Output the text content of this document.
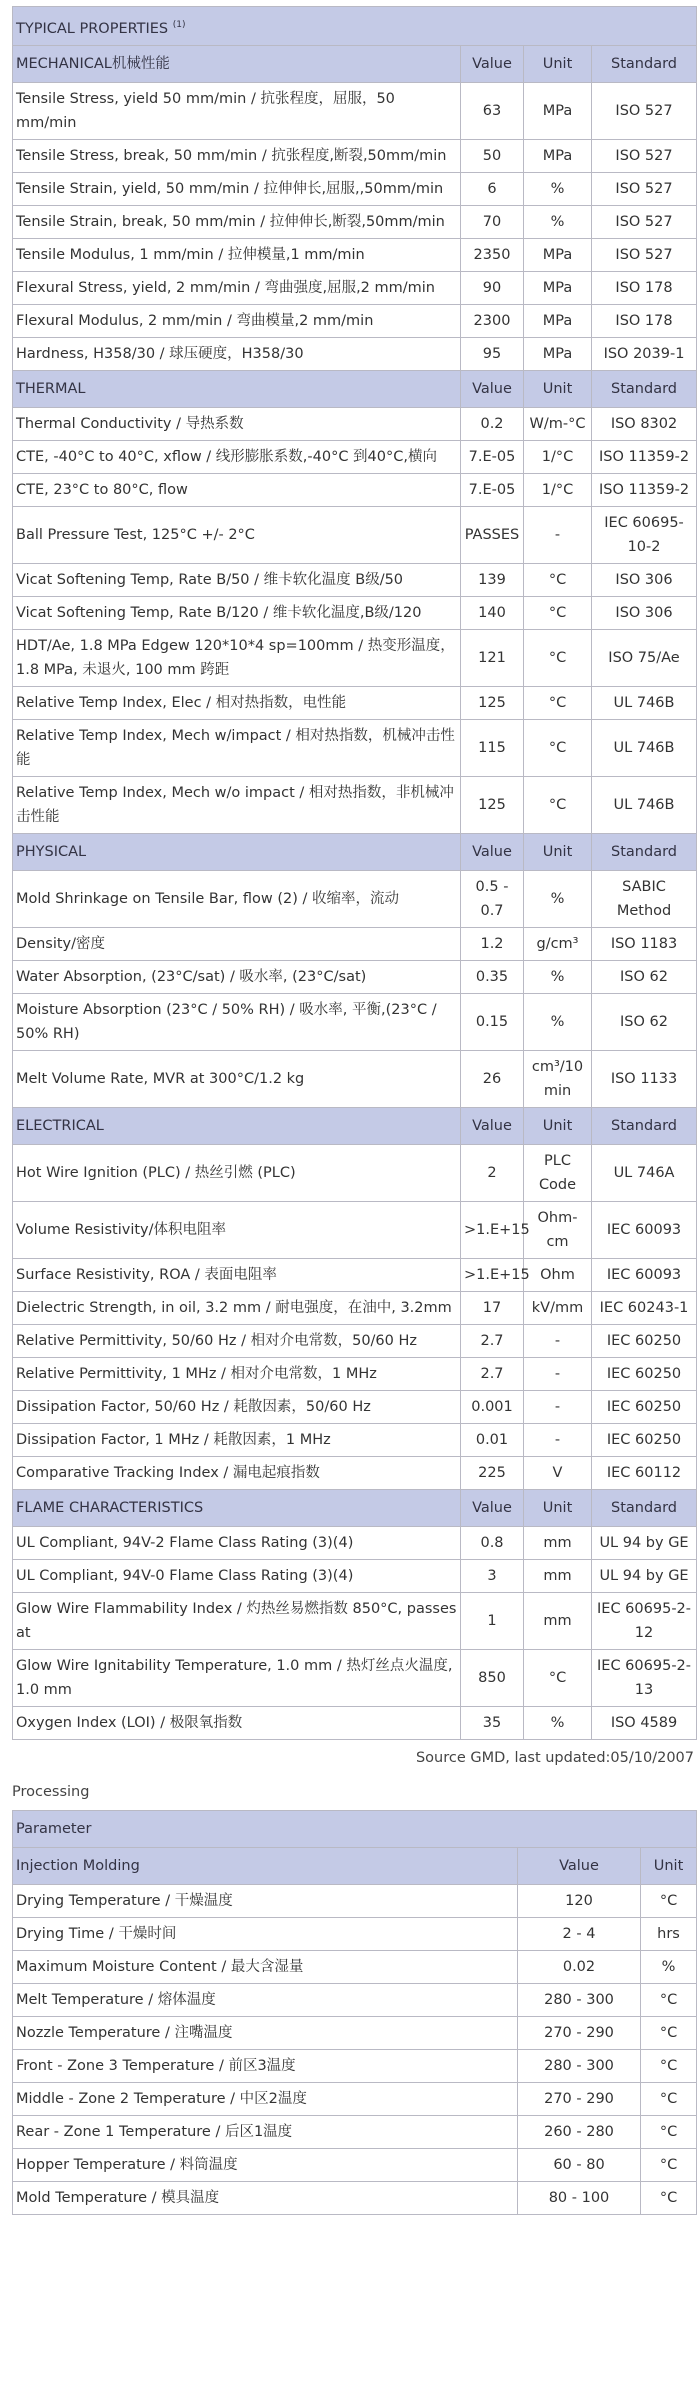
TYPICAL PROPERTIES $^{(1)}$
MECHANICAL机械性能	Value	Unit	Standard
Tensile Stress, yield 50 mm/min / 抗张程度，屈服，50 mm/min	63	MPa	ISO 527
Tensile Stress, break, 50 mm/min / 抗张程度,断裂,50mm/min	50	MPa	ISO 527
Tensile Strain, yield, 50 mm/min / 拉伸伸长,屈服,,50mm/min	6	%	ISO 527
Tensile Strain, break, 50 mm/min / 拉伸伸长,断裂,50mm/min	70	%	ISO 527
Tensile Modulus, 1 mm/min / 拉伸模量,1 mm/min	2350	MPa	ISO 527
Flexural Stress, yield, 2 mm/min / 弯曲强度,屈服,2 mm/min	90	MPa	ISO 178
Flexural Modulus, 2 mm/min / 弯曲模量,2 mm/min	2300	MPa	ISO 178
Hardness, H358/30 / 球压硬度，H358/30	95	MPa	ISO 2039-1
THERMAL	Value	Unit	Standard
Thermal Conductivity / 导热系数	0.2	W/m-°C	ISO 8302
CTE, -40°C to 40°C, xflow / 线形膨胀系数,-40°C 到40°C,横向	7.E-05	1/°C	ISO 11359-2
CTE, 23°C to 80°C, flow	7.E-05	1/°C	ISO 11359-2
Ball Pressure Test, 125°C +/- 2°C	PASSES	-	IEC 60695-10-2
Vicat Softening Temp, Rate B/50 / 维卡软化温度 B级/50	139	°C	ISO 306
Vicat Softening Temp, Rate B/120 / 维卡软化温度,B级/120	140	°C	ISO 306
HDT/Ae, 1.8 MPa Edgew 120*10*4 sp=100mm / 热变形温度，1.8 MPa, 未退火, 100 mm 跨距	121	°C	ISO 75/Ae
Relative Temp Index, Elec / 相对热指数，电性能	125	°C	UL 746B
Relative Temp Index, Mech w/impact / 相对热指数，机械冲击性能	115	°C	UL 746B
Relative Temp Index, Mech w/o impact / 相对热指数，非机械冲击性能	125	°C	UL 746B
PHYSICAL	Value	Unit	Standard
Mold Shrinkage on Tensile Bar, flow (2) / 收缩率，流动	0.5 - 0.7	%	SABIC Method
Density/密度	1.2	g/cm³	ISO 1183
Water Absorption, (23°C/sat) / 吸水率, (23°C/sat)	0.35	%	ISO 62
Moisture Absorption (23°C / 50% RH) / 吸水率, 平衡,(23°C / 50% RH)	0.15	%	ISO 62
Melt Volume Rate, MVR at 300°C/1.2 kg	26	cm³/10 min	ISO 1133
ELECTRICAL	Value	Unit	Standard
Hot Wire Ignition (PLC) / 热丝引燃 (PLC)	2	PLC Code	UL 746A
Volume Resistivity/体积电阻率	>1.E+15	Ohm-cm	IEC 60093
Surface Resistivity, ROA / 表面电阻率	>1.E+15	Ohm	IEC 60093
Dielectric Strength, in oil, 3.2 mm / 耐电强度，在油中, 3.2mm	17	kV/mm	IEC 60243-1
Relative Permittivity, 50/60 Hz / 相对介电常数，50/60 Hz	2.7	-	IEC 60250
Relative Permittivity, 1 MHz / 相对介电常数，1 MHz	2.7	-	IEC 60250
Dissipation Factor, 50/60 Hz / 耗散因素，50/60 Hz	0.001	-	IEC 60250
Dissipation Factor, 1 MHz / 耗散因素，1 MHz	0.01	-	IEC 60250
Comparative Tracking Index / 漏电起痕指数	225	V	IEC 60112
FLAME CHARACTERISTICS	Value	Unit	Standard
UL Compliant, 94V-2 Flame Class Rating (3)(4)	0.8	mm	UL 94 by GE
UL Compliant, 94V-0 Flame Class Rating (3)(4)	3	mm	UL 94 by GE
Glow Wire Flammability Index / 灼热丝易燃指数 850°C, passes at	1	mm	IEC 60695-2-12
Glow Wire Ignitability Temperature, 1.0 mm / 热灯丝点火温度, 1.0 mm	850	°C	IEC 60695-2-13
Oxygen Index (LOI) / 极限氧指数	35	%	ISO 4589
Source GMD, last updated:05/10/2007
Processing
Parameter		
Injection Molding	Value	Unit
Drying Temperature / 干燥温度	120	°C
Drying Time / 干燥时间	2 - 4	hrs
Maximum Moisture Content / 最大含湿量	0.02	%
Melt Temperature / 熔体温度	280 - 300	°C
Nozzle Temperature / 注嘴温度	270 - 290	°C
Front - Zone 3 Temperature / 前区3温度	280 - 300	°C
Middle - Zone 2 Temperature / 中区2温度	270 - 290	°C
Rear - Zone 1 Temperature / 后区1温度	260 - 280	°C
Hopper Temperature / 料筒温度	60 - 80	°C
Mold Temperature / 模具温度	80 - 100	°C
